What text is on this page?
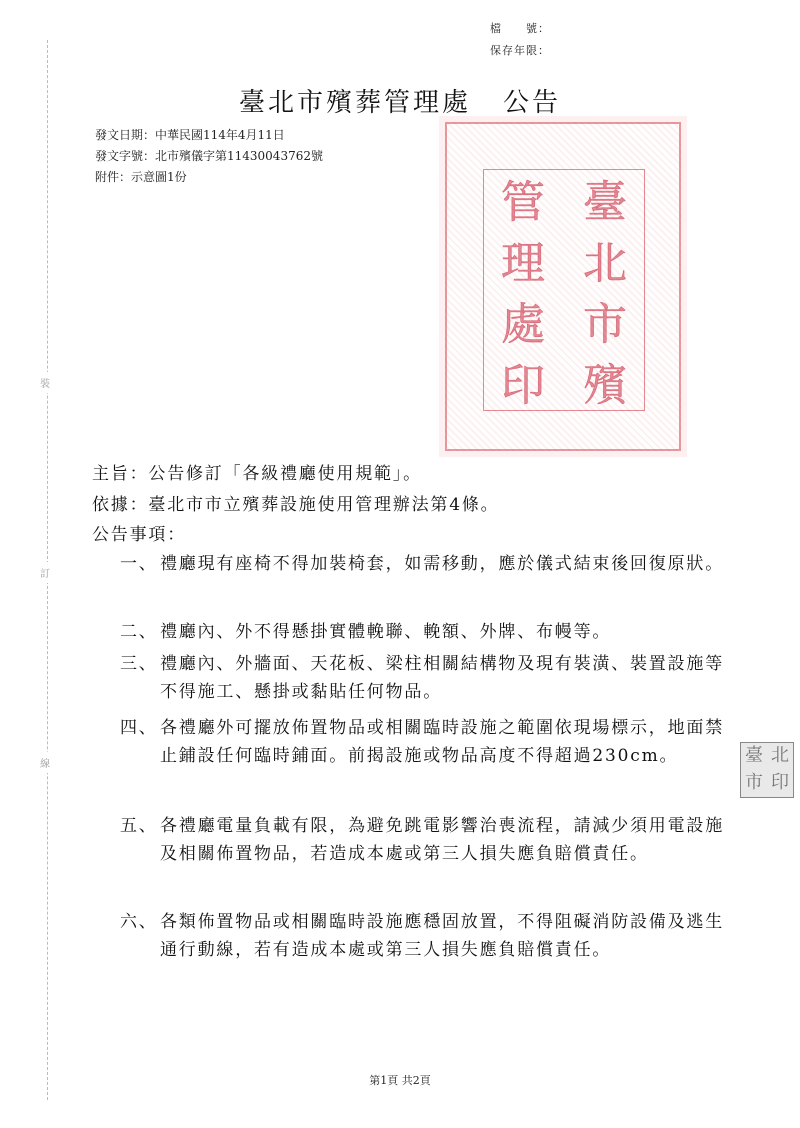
裝
訂
線
檔　　號：
保存年限：
臺北市殯葬管理處 公告
發文日期：中華民國114年4月11日
發文字號：北市殯儀字第11430043762號
附件：示意圖1份	臺
北
市
殯
管
理
處
印
主旨：公告修訂「各級禮廳使用規範」。
依據：臺北市市立殯葬設施使用管理辦法第4條。
公告事項：
一、 禮廳現有座椅不得加裝椅套，如需移動，應於儀式結束後回復原狀。
二、 禮廳內、外不得懸掛實體輓聯、輓額、外牌、布幔等。
三、 禮廳內、外牆面、天花板、梁柱相關結構物及現有裝潢、裝置設施等不得施工、懸掛或黏貼任何物品。
四、 各禮廳外可擺放佈置物品或相關臨時設施之範圍依現場標示，地面禁止鋪設任何臨時鋪面。前揭設施或物品高度不得超過230cm。
五、 各禮廳電量負載有限，為避免跳電影響治喪流程，請減少須用電設施及相關佈置物品，若造成本處或第三人損失應負賠償責任。
六、 各類佈置物品或相關臨時設施應穩固放置，不得阻礙消防設備及逃生通行動線，若有造成本處或第三人損失應負賠償責任。
臺 北
市 印
第1頁 共2頁
